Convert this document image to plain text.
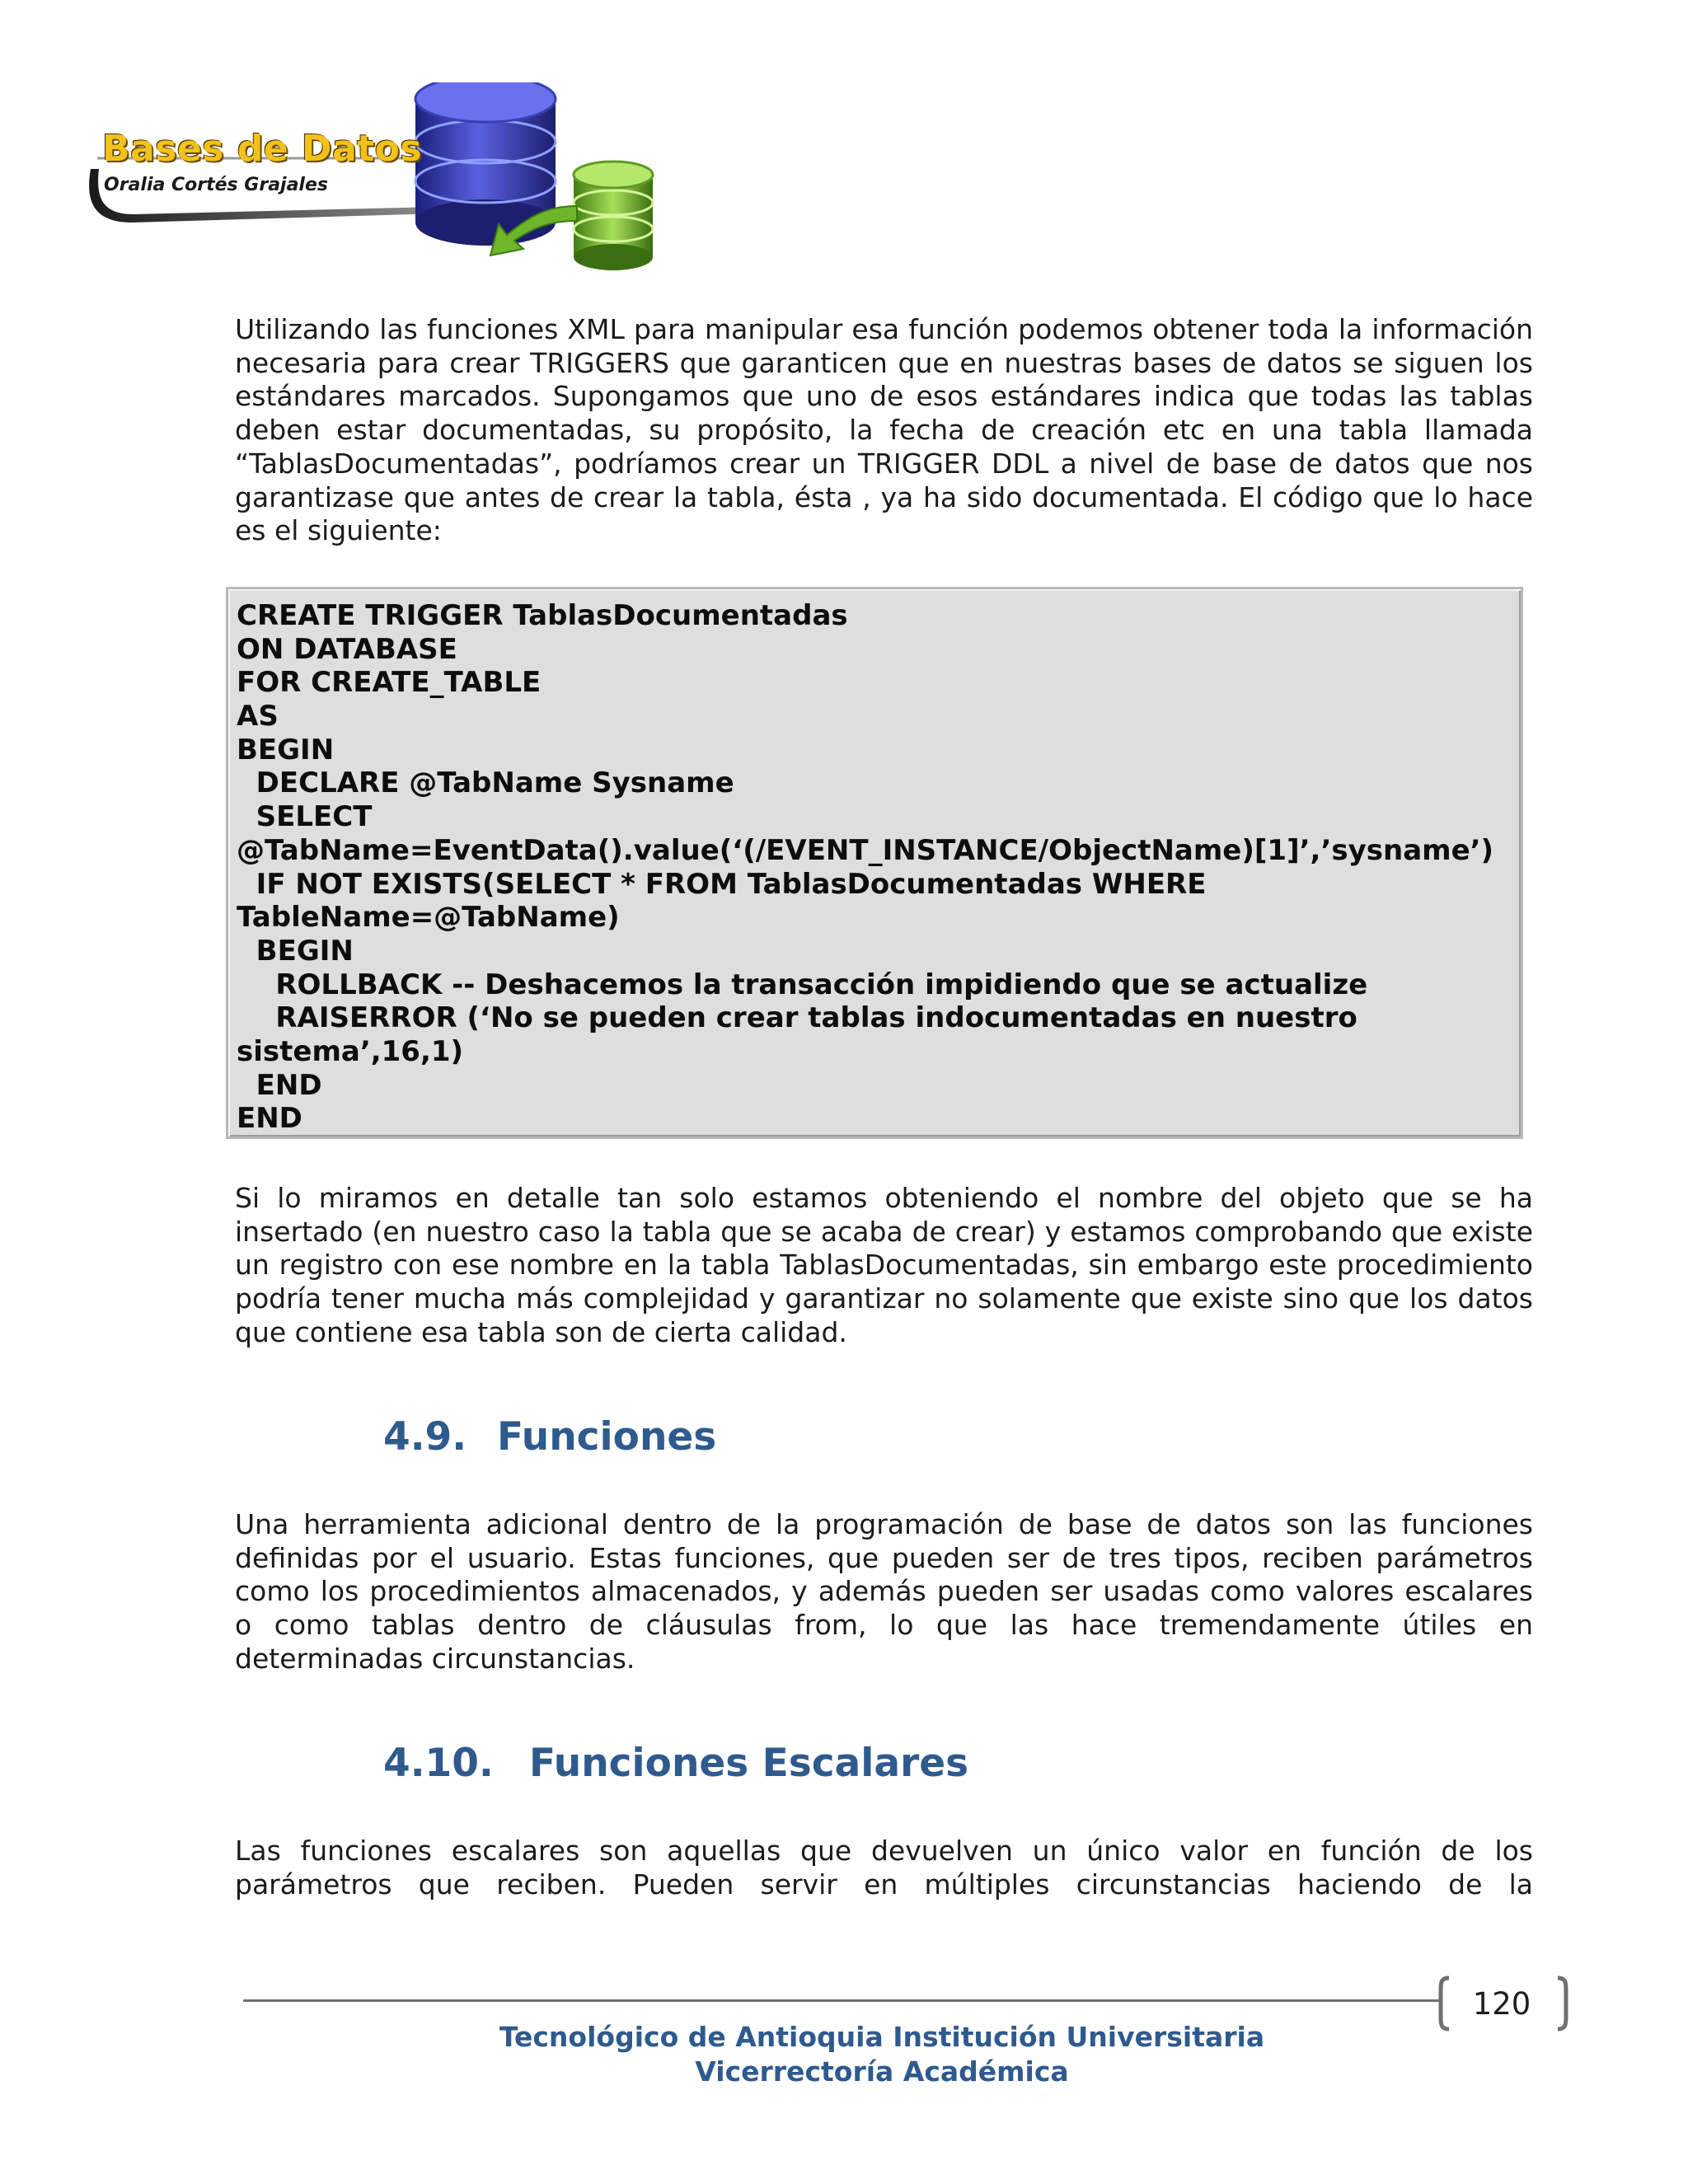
Bases de Datos

Oralia Cortés Grajales

Utilizando las funciones XML para manipular esa función podemos obtener toda la información necesaria para crear TRIGGERS que garanticen que en nuestras bases de datos se siguen los estándares marcados. Supongamos que uno de esos estándares indica que todas las tablas deben estar documentadas, su propósito, la fecha de creación etc en una tabla llamada “TablasDocumentadas”, podríamos crear un TRIGGER DDL a nivel de base de datos que nos garantizase que antes de crear la tabla, ésta , ya ha sido documentada. El código que lo hace es el siguiente:

CREATE TRIGGER TablasDocumentadas
ON DATABASE
FOR CREATE_TABLE
AS
BEGIN
DECLARE @TabName Sysname
SELECT
@TabName=EventData().value(‘(/EVENT_INSTANCE/ObjectName)[1]’,’sysname’)
IF NOT EXISTS(SELECT * FROM TablasDocumentadas WHERE
TableName=@TabName)
BEGIN
ROLLBACK -- Deshacemos la transacción impidiendo que se actualize
RAISERROR (‘No se pueden crear tablas indocumentadas en nuestro
sistema’,16,1)
END
END

Si lo miramos en detalle tan solo estamos obteniendo el nombre del objeto que se ha insertado (en nuestro caso la tabla que se acaba de crear) y estamos comprobando que existe un registro con ese nombre en la tabla TablasDocumentadas, sin embargo este procedimiento podría tener mucha más complejidad y garantizar no solamente que existe sino que los datos que contiene esa tabla son de cierta calidad.

4.9. Funciones

Una herramienta adicional dentro de la programación de base de datos son las funciones definidas por el usuario. Estas funciones, que pueden ser de tres tipos, reciben parámetros como los procedimientos almacenados, y además pueden ser usadas como valores escalares o como tablas dentro de cláusulas from, lo que las hace tremendamente útiles en determinadas circunstancias.

4.10. Funciones Escalares

Las funciones escalares son aquellas que devuelven un único valor en función de los parámetros que reciben. Pueden servir en múltiples circunstancias haciendo de la

120

Tecnológico de Antioquia Institución Universitaria

Vicerrectoría Académica
